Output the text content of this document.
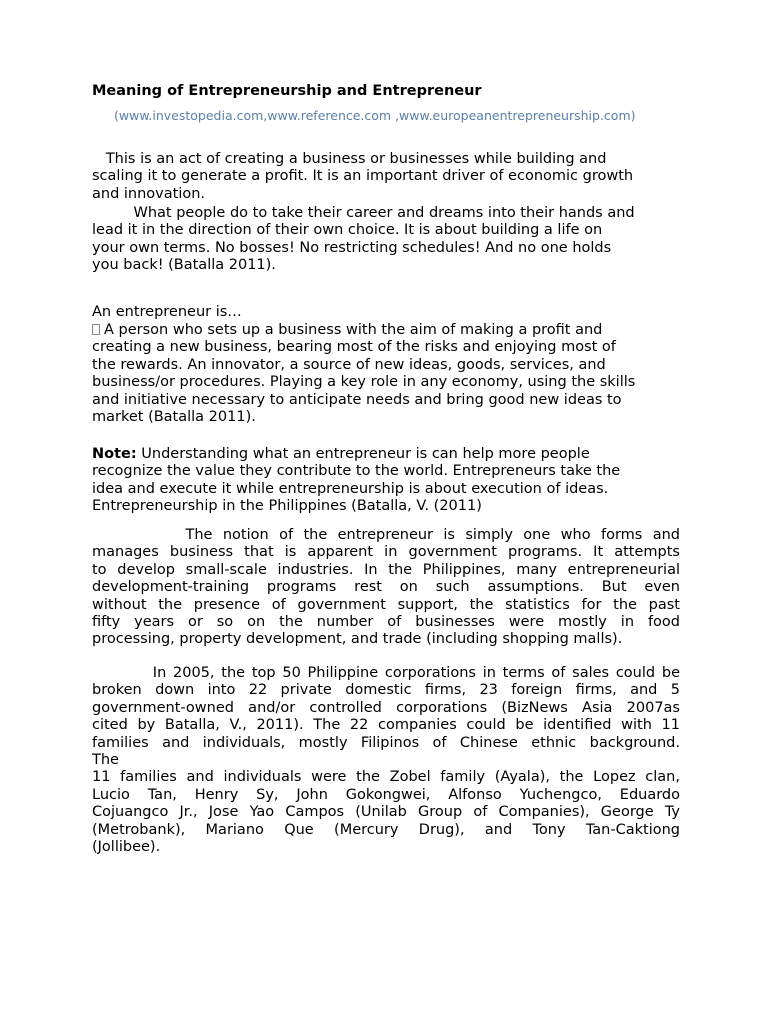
Meaning of Entrepreneurship and Entrepreneur
(www.investopedia.com,www.reference.com ,www.europeanentrepreneurship.com)
This is an act of creating a business or businesses while building and
scaling it to generate a profit. It is an important driver of economic growth
and innovation.
What people do to take their career and dreams into their hands and
lead it in the direction of their own choice. It is about building a life on
your own terms. No bosses! No restricting schedules! And no one holds
you back! (Batalla 2011).
An entrepreneur is…
A person who sets up a business with the aim of making a profit and
creating a new business, bearing most of the risks and enjoying most of
the rewards. An innovator, a source of new ideas, goods, services, and
business/or procedures. Playing a key role in any economy, using the skills
and initiative necessary to anticipate needs and bring good new ideas to
market (Batalla 2011).
Note: Understanding what an entrepreneur is can help more people
recognize the value they contribute to the world. Entrepreneurs take the
idea and execute it while entrepreneurship is about execution of ideas.
Entrepreneurship in the Philippines (Batalla, V. (2011)
The notion of the entrepreneur is simply one who forms and
manages business that is apparent in government programs. It attempts
to develop small-scale industries. In the Philippines, many entrepreneurial
development-training programs rest on such assumptions. But even
without the presence of government support, the statistics for the past
fifty years or so on the number of businesses were mostly in food
processing, property development, and trade (including shopping malls).
In 2005, the top 50 Philippine corporations in terms of sales could be
broken down into 22 private domestic firms, 23 foreign firms, and 5
government-owned and/or controlled corporations (BizNews Asia 2007as
cited by Batalla, V., 2011). The 22 companies could be identified with 11
families and individuals, mostly Filipinos of Chinese ethnic background.
The
11 families and individuals were the Zobel family (Ayala), the Lopez clan,
Lucio Tan, Henry Sy, John Gokongwei, Alfonso Yuchengco, Eduardo
Cojuangco Jr., Jose Yao Campos (Unilab Group of Companies), George Ty
(Metrobank), Mariano Que (Mercury Drug), and Tony Tan-Caktiong
(Jollibee).
